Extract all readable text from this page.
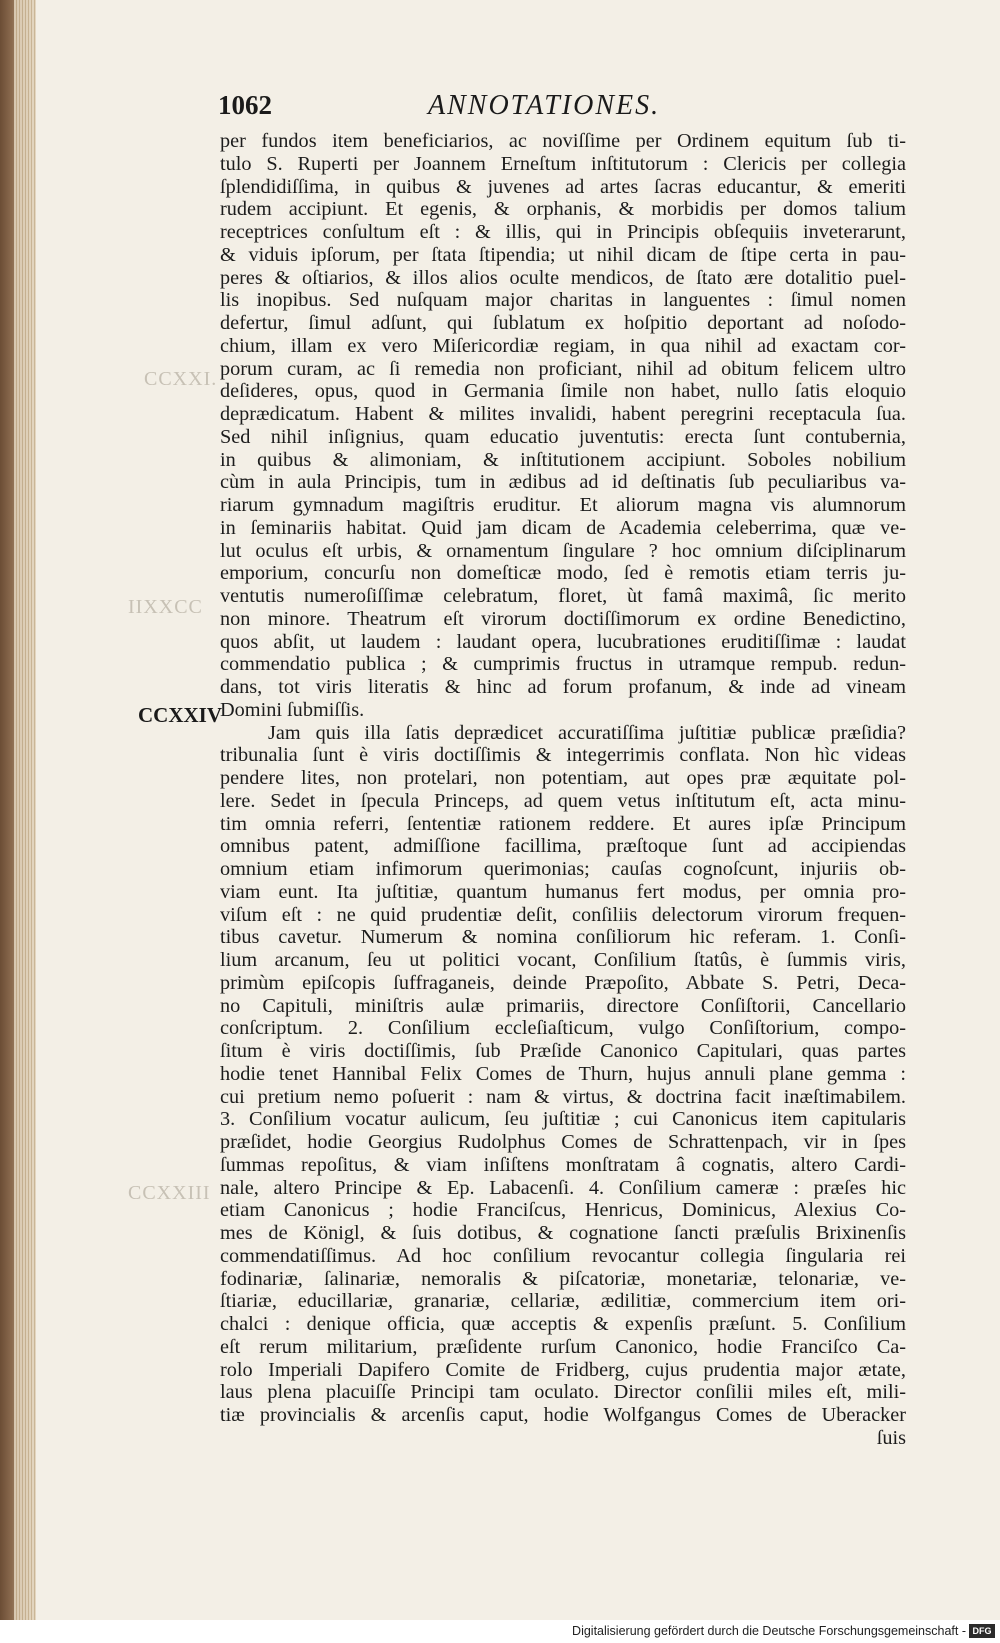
CCXXI.
IIXXCC
CCXXIII
1062	ANNOTATIONES.
CCXXIV
per fundos item beneficiarios, ac noviſſime per Ordinem equitum ſub ti-
tulo S. Ruperti per Joannem Erneſtum inſtitutorum : Clericis per collegia
ſplendidiſſima, in quibus & juvenes ad artes ſacras educantur, & emeriti
rudem accipiunt. Et egenis, & orphanis, & morbidis per domos talium
receptrices conſultum eſt : & illis, qui in Principis obſequiis inveterarunt,
& viduis ipſorum, per ſtata ſtipendia; ut nihil dicam de ſtipe certa in pau-
peres & oſtiarios, & illos alios oculte mendicos, de ſtato ære dotalitio puel-
lis inopibus. Sed nuſquam major charitas in languentes : ſimul nomen
defertur, ſimul adſunt, qui ſublatum ex hoſpitio deportant ad noſodo-
chium, illam ex vero Miſericordiæ regiam, in qua nihil ad exactam cor-
porum curam, ac ſi remedia non proficiant, nihil ad obitum felicem ultro
deſideres, opus, quod in Germania ſimile non habet, nullo ſatis eloquio
deprædicatum. Habent & milites invalidi, habent peregrini receptacula ſua.
Sed nihil inſignius, quam educatio juventutis: erecta ſunt contubernia,
in quibus & alimoniam, & inſtitutionem accipiunt. Soboles nobilium
cùm in aula Principis, tum in ædibus ad id deſtinatis ſub peculiaribus va-
riarum gymnadum magiſtris eruditur. Et aliorum magna vis alumnorum
in ſeminariis habitat. Quid jam dicam de Academia celeberrima, quæ ve-
lut oculus eſt urbis, & ornamentum ſingulare ? hoc omnium diſciplinarum
emporium, concurſu non domeſticæ modo, ſed è remotis etiam terris ju-
ventutis numeroſiſſimæ celebratum, floret, ùt famâ maximâ, ſic merito
non minore. Theatrum eſt virorum doctiſſimorum ex ordine Benedictino,
quos abſit, ut laudem : laudant opera, lucubrationes eruditiſſimæ : laudat
commendatio publica ; & cumprimis fructus in utramque rempub. redun-
dans, tot viris literatis & hinc ad forum profanum, & inde ad vineam
Domini ſubmiſſis.
Jam quis illa ſatis deprædicet accuratiſſima juſtitiæ publicæ præſidia?
tribunalia ſunt è viris doctiſſimis & integerrimis conflata. Non hìc videas
pendere lites, non protelari, non potentiam, aut opes præ æquitate pol-
lere. Sedet in ſpecula Princeps, ad quem vetus inſtitutum eſt, acta minu-
tim omnia referri, ſententiæ rationem reddere. Et aures ipſæ Principum
omnibus patent, admiſſione facillima, præſtoque ſunt ad accipiendas
omnium etiam infimorum querimonias; cauſas cognoſcunt, injuriis ob-
viam eunt. Ita juſtitiæ, quantum humanus fert modus, per omnia pro-
viſum eſt : ne quid prudentiæ deſit, conſiliis delectorum virorum frequen-
tibus cavetur. Numerum & nomina conſiliorum hic referam. 1. Conſi-
lium arcanum, ſeu ut politici vocant, Conſilium ſtatûs, è ſummis viris,
primùm epiſcopis ſuffraganeis, deinde Præpoſito, Abbate S. Petri, Deca-
no Capituli, miniſtris aulæ primariis, directore Conſiſtorii, Cancellario
conſcriptum. 2. Conſilium eccleſiaſticum, vulgo Conſiſtorium, compo-
ſitum è viris doctiſſimis, ſub Præſide Canonico Capitulari, quas partes
hodie tenet Hannibal Felix Comes de Thurn, hujus annuli plane gemma :
cui pretium nemo poſuerit : nam & virtus, & doctrina facit inæſtimabilem.
3. Conſilium vocatur aulicum, ſeu juſtitiæ ; cui Canonicus item capitularis
præſidet, hodie Georgius Rudolphus Comes de Schrattenpach, vir in ſpes
ſummas repoſitus, & viam inſiſtens monſtratam â cognatis, altero Cardi-
nale, altero Principe & Ep. Labacenſi. 4. Conſilium cameræ : præſes hic
etiam Canonicus ; hodie Franciſcus, Henricus, Dominicus, Alexius Co-
mes de Königl, & ſuis dotibus, & cognatione ſancti præſulis Brixinenſis
commendatiſſimus. Ad hoc conſilium revocantur collegia ſingularia rei
fodinariæ, ſalinariæ, nemoralis & piſcatoriæ, monetariæ, telonariæ, ve-
ſtiariæ, educillariæ, granariæ, cellariæ, ædilitiæ, commercium item ori-
chalci : denique officia, quæ acceptis & expenſis præſunt. 5. Conſilium
eſt rerum militarium, præſidente rurſum Canonico, hodie Franciſco Ca-
rolo Imperiali Dapifero Comite de Fridberg, cujus prudentia major ætate,
laus plena placuiſſe Principi tam oculato. Director conſilii miles eſt, mili-
tiæ provincialis & arcenſis caput, hodie Wolfgangus Comes de Uberacker
ſuis
Digitalisierung gefördert durch die Deutsche Forschungsgemeinschaft - DFG
